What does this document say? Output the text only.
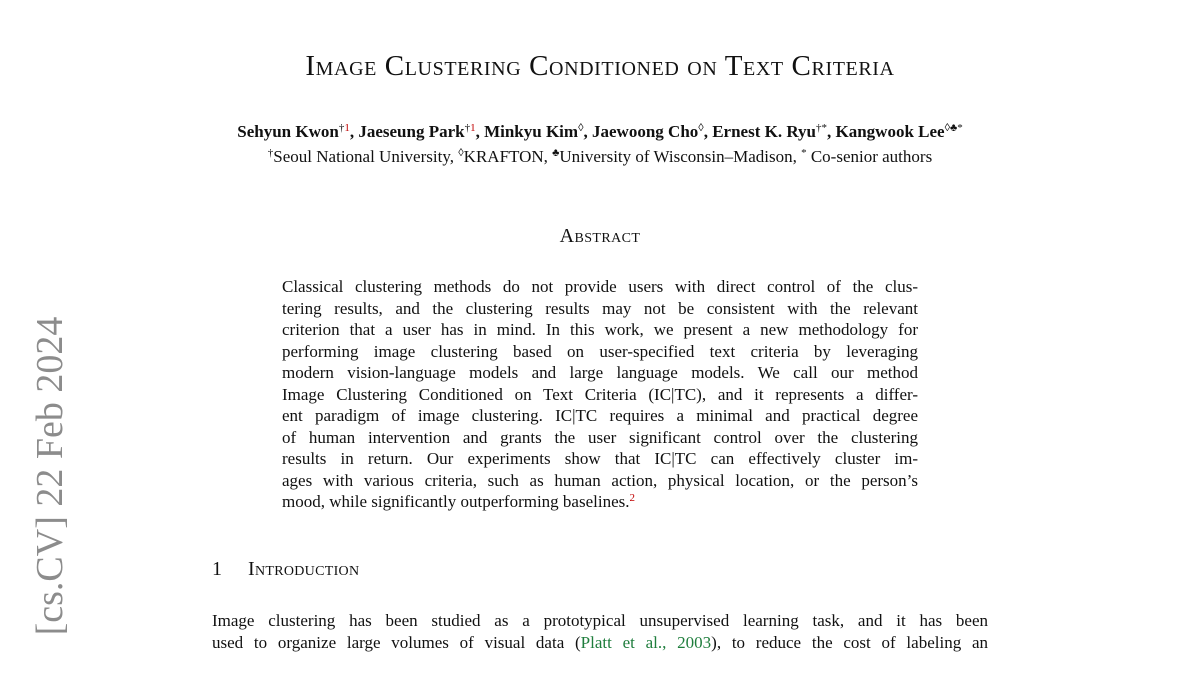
Image Clustering Conditioned on Text Criteria
Sehyun Kwon$^{\dagger 1}$, Jaeseung Park$^{\dagger 1}$, Minkyu Kim◊, Jaewoong Cho◊, Ernest K. Ryu†*, Kangwook Lee◊♣*
†Seoul National University, ◊KRAFTON, ♣University of Wisconsin–Madison, * Co-senior authors
Abstract
Classical clustering methods do not provide users with direct control of the clus-
tering results, and the clustering results may not be consistent with the relevant
criterion that a user has in mind. In this work, we present a new methodology for
performing image clustering based on user-specified text criteria by leveraging
modern vision-language models and large language models. We call our method
Image Clustering Conditioned on Text Criteria (IC|TC), and it represents a differ-
ent paradigm of image clustering. IC|TC requires a minimal and practical degree
of human intervention and grants the user significant control over the clustering
results in return. Our experiments show that IC|TC can effectively cluster im-
ages with various criteria, such as human action, physical location, or the person’s
mood, while significantly outperforming baselines.$^2$
1 Introduction
Image clustering has been studied as a prototypical unsupervised learning task, and it has been
used to organize large volumes of visual data (Platt et al., 2003), to reduce the cost of labeling an
[cs.CV] 22 Feb 2024
